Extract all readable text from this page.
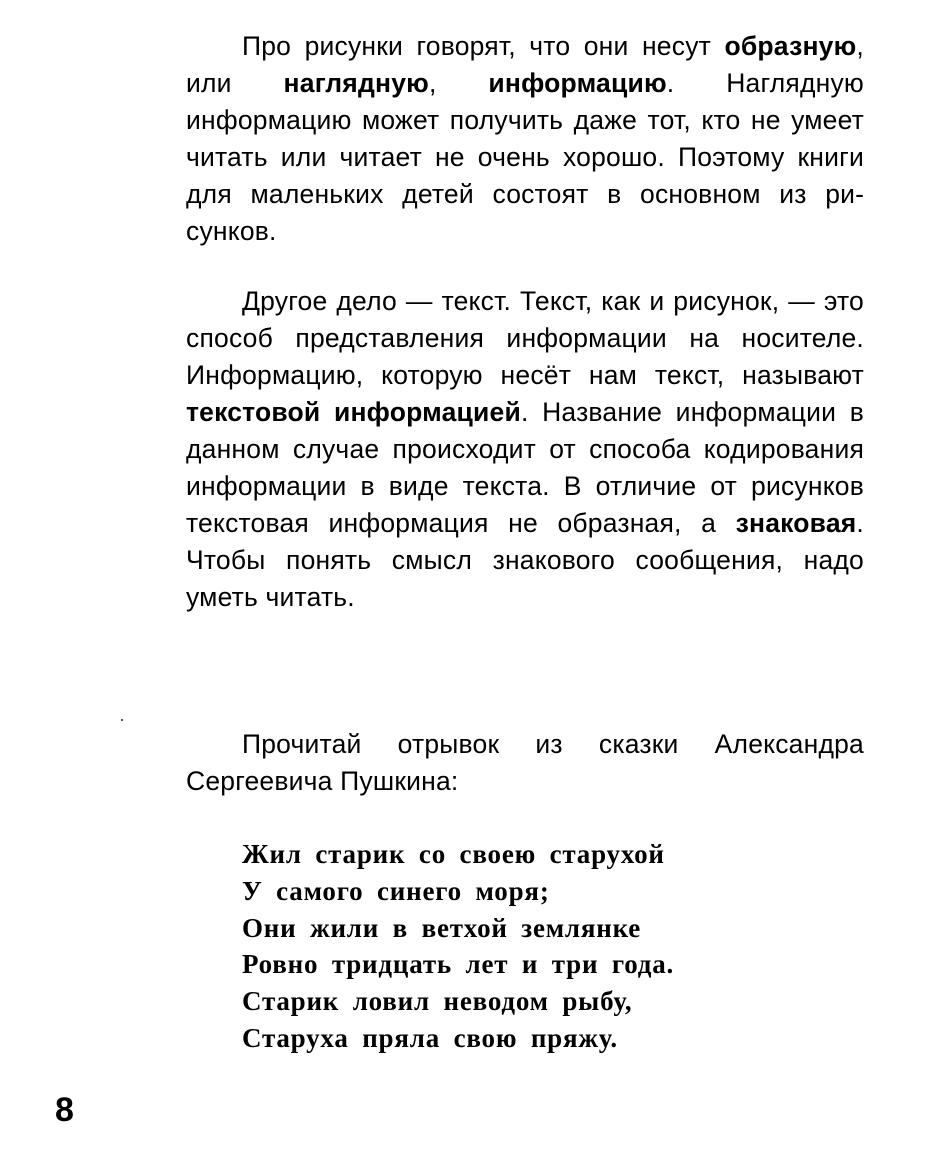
Про рисунки говорят, что они несут образную, или наглядную, информацию. Наглядную информацию может получить даже тот, кто не умеет читать или читает не очень хорошо. Поэтому книги для маленьких детей состоят в основном из рисунков.

Другое дело — текст. Текст, как и рисунок, — это способ представления информации на носителе. Информацию, которую несёт нам текст, называют текстовой информацией. Название информации в данном случае происходит от способа кодирования информации в виде текста. В отличие от рисунков текстовая информация не образная, а знаковая. Чтобы понять смысл знакового сообщения, надо уметь читать.

Прочитай отрывок из сказки Александра Сергеевича Пушкина:

Жил старик со своею старухой
У самого синего моря;
Они жили в ветхой землянке
Ровно тридцать лет и три года.
Старик ловил неводом рыбу,
Старуха пряла свою пряжу.
8
